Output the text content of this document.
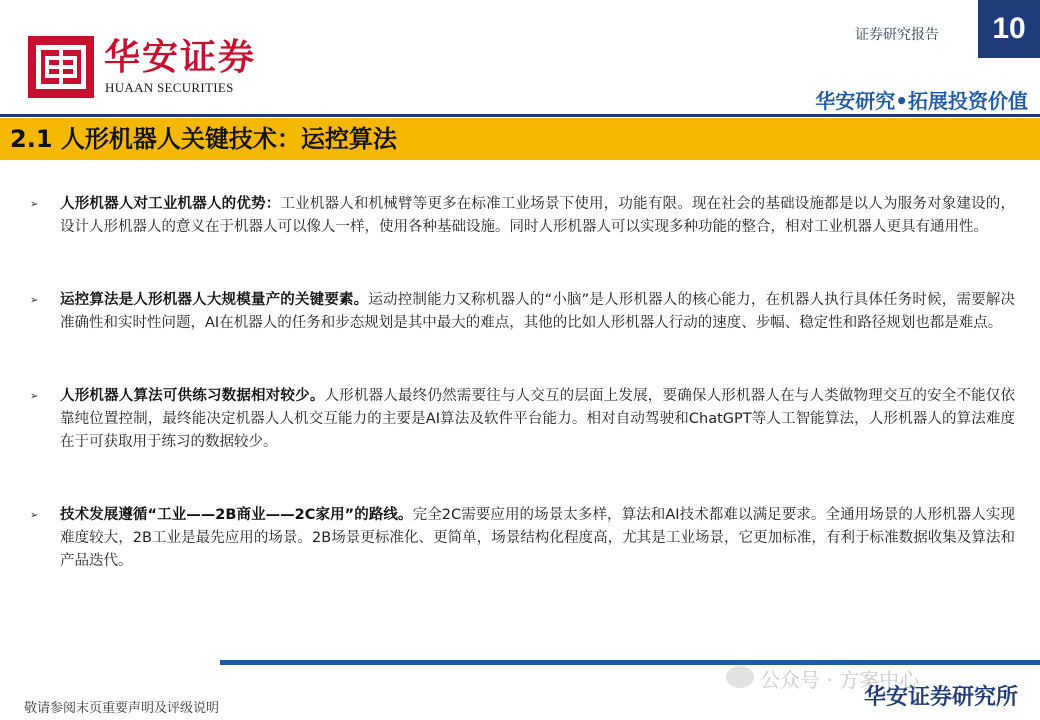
华安证券
HUAAN SECURITIES
证券研究报告	10
华安研究•拓展投资价值
2.1 人形机器人关键技术：运控算法
➢ 人形机器人对工业机器人的优势：工业机器人和机械臂等更多在标准工业场景下使用，功能有限。现在社会的基础设施都是以人为服务对象建设的，设计人形机器人的意义在于机器人可以像人一样，使用各种基础设施。同时人形机器人可以实现多种功能的整合，相对工业机器人更具有通用性。
➢ 运控算法是人形机器人大规模量产的关键要素。运动控制能力又称机器人的“小脑”是人形机器人的核心能力，在机器人执行具体任务时候，需要解决准确性和实时性问题，AI在机器人的任务和步态规划是其中最大的难点，其他的比如人形机器人行动的速度、步幅、稳定性和路径规划也都是难点。
➢ 人形机器人算法可供练习数据相对较少。人形机器人最终仍然需要往与人交互的层面上发展，要确保人形机器人在与人类做物理交互的安全不能仅依靠纯位置控制，最终能决定机器人人机交互能力的主要是AI算法及软件平台能力。相对自动驾驶和ChatGPT等人工智能算法，人形机器人的算法难度在于可获取用于练习的数据较少。
➢ 技术发展遵循“工业——2B商业——2C家用”的路线。完全2C需要应用的场景太多样，算法和AI技术都难以满足要求。全通用场景的人形机器人实现难度较大，2B工业是最先应用的场景。2B场景更标准化、更简单，场景结构化程度高，尤其是工业场景，它更加标准，有利于标准数据收集及算法和产品迭代。
公众号 · 方案中心
敬请参阅末页重要声明及评级说明	华安证券研究所
